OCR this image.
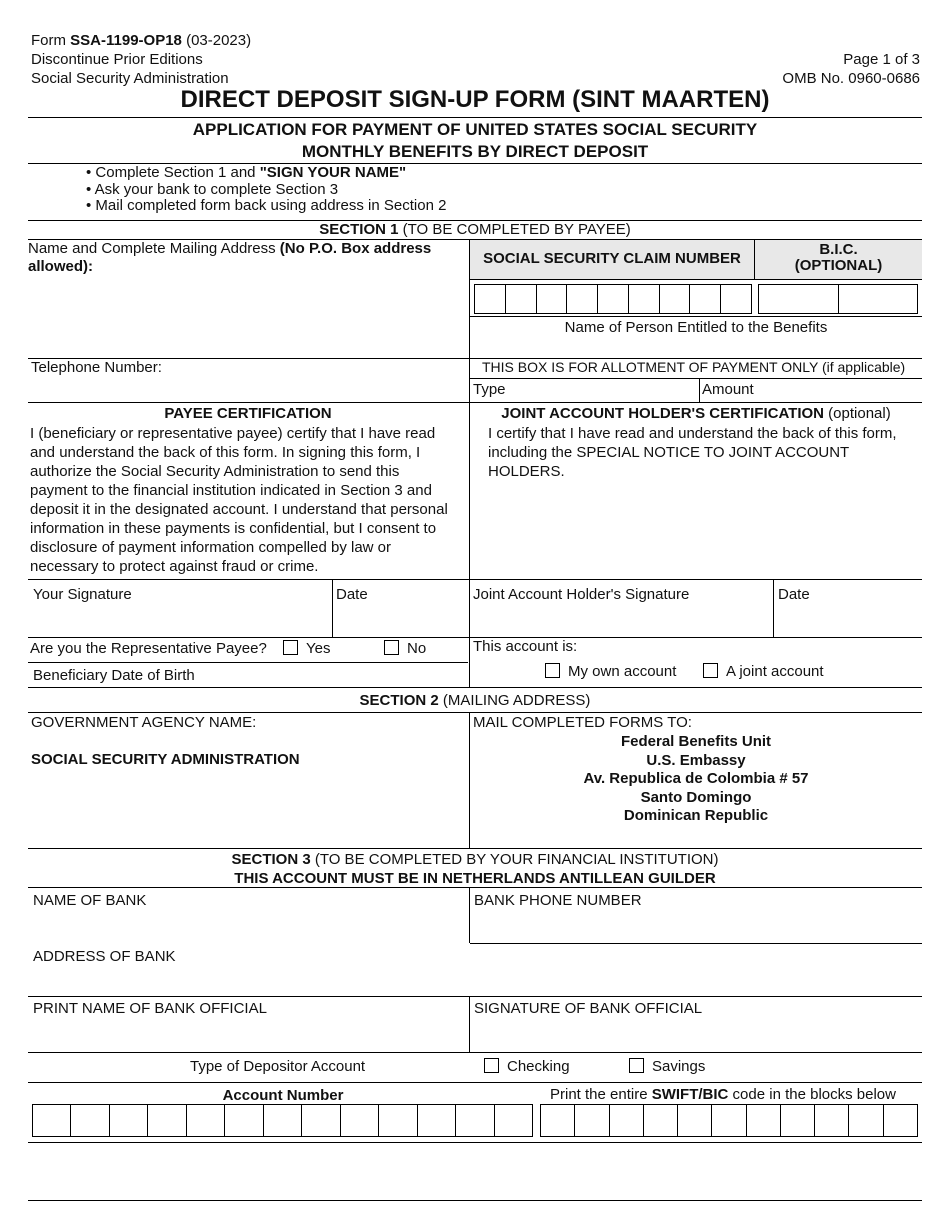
Form SSA-1199-OP18 (03-2023)
Discontinue Prior Editions
Social Security Administration
Page 1 of 3
OMB No. 0960-0686
DIRECT DEPOSIT SIGN-UP FORM (SINT MAARTEN)
APPLICATION FOR PAYMENT OF UNITED STATES SOCIAL SECURITY
MONTHLY BENEFITS BY DIRECT DEPOSIT
• Complete Section 1 and "SIGN YOUR NAME"
• Ask your bank to complete Section 3
• Mail completed form back using address in Section 2
SECTION 1 (TO BE COMPLETED BY PAYEE)
Name and Complete Mailing Address (No P.O. Box address allowed):	SOCIAL SECURITY CLAIM NUMBER
B.I.C.
(OPTIONAL)
Name of Person Entitled to the Benefits
Telephone Number:	THIS BOX IS FOR ALLOTMENT OF PAYMENT ONLY (if applicable)
Type	Amount
PAYEE CERTIFICATION
I (beneficiary or representative payee) certify that I have read
and understand the back of this form. In signing this form, I
authorize the Social Security Administration to send this
payment to the financial institution indicated in Section 3 and
deposit it in the designated account. I understand that personal
information in these payments is confidential, but I consent to
disclosure of payment information compelled by law or
necessary to protect against fraud or crime.
JOINT ACCOUNT HOLDER'S CERTIFICATION (optional)
I certify that I have read and understand the back of this form,
including the SPECIAL NOTICE TO JOINT ACCOUNT
HOLDERS.
Your Signature	Date	Joint Account Holder's Signature	Date
Are you the Representative Payee?	Yes	No
Beneficiary Date of Birth
This account is:
My own account	A joint account
SECTION 2 (MAILING ADDRESS)
GOVERNMENT AGENCY NAME:
SOCIAL SECURITY ADMINISTRATION
MAIL COMPLETED FORMS TO:
Federal Benefits Unit
U.S. Embassy
Av. Republica de Colombia # 57
Santo Domingo
Dominican Republic
SECTION 3 (TO BE COMPLETED BY YOUR FINANCIAL INSTITUTION)
THIS ACCOUNT MUST BE IN NETHERLANDS ANTILLEAN GUILDER
NAME OF BANK	BANK PHONE NUMBER
ADDRESS OF BANK
PRINT NAME OF BANK OFFICIAL	SIGNATURE OF BANK OFFICIAL
Type of Depositor Account	Checking	Savings
Account Number	Print the entire SWIFT/BIC code in the blocks below
